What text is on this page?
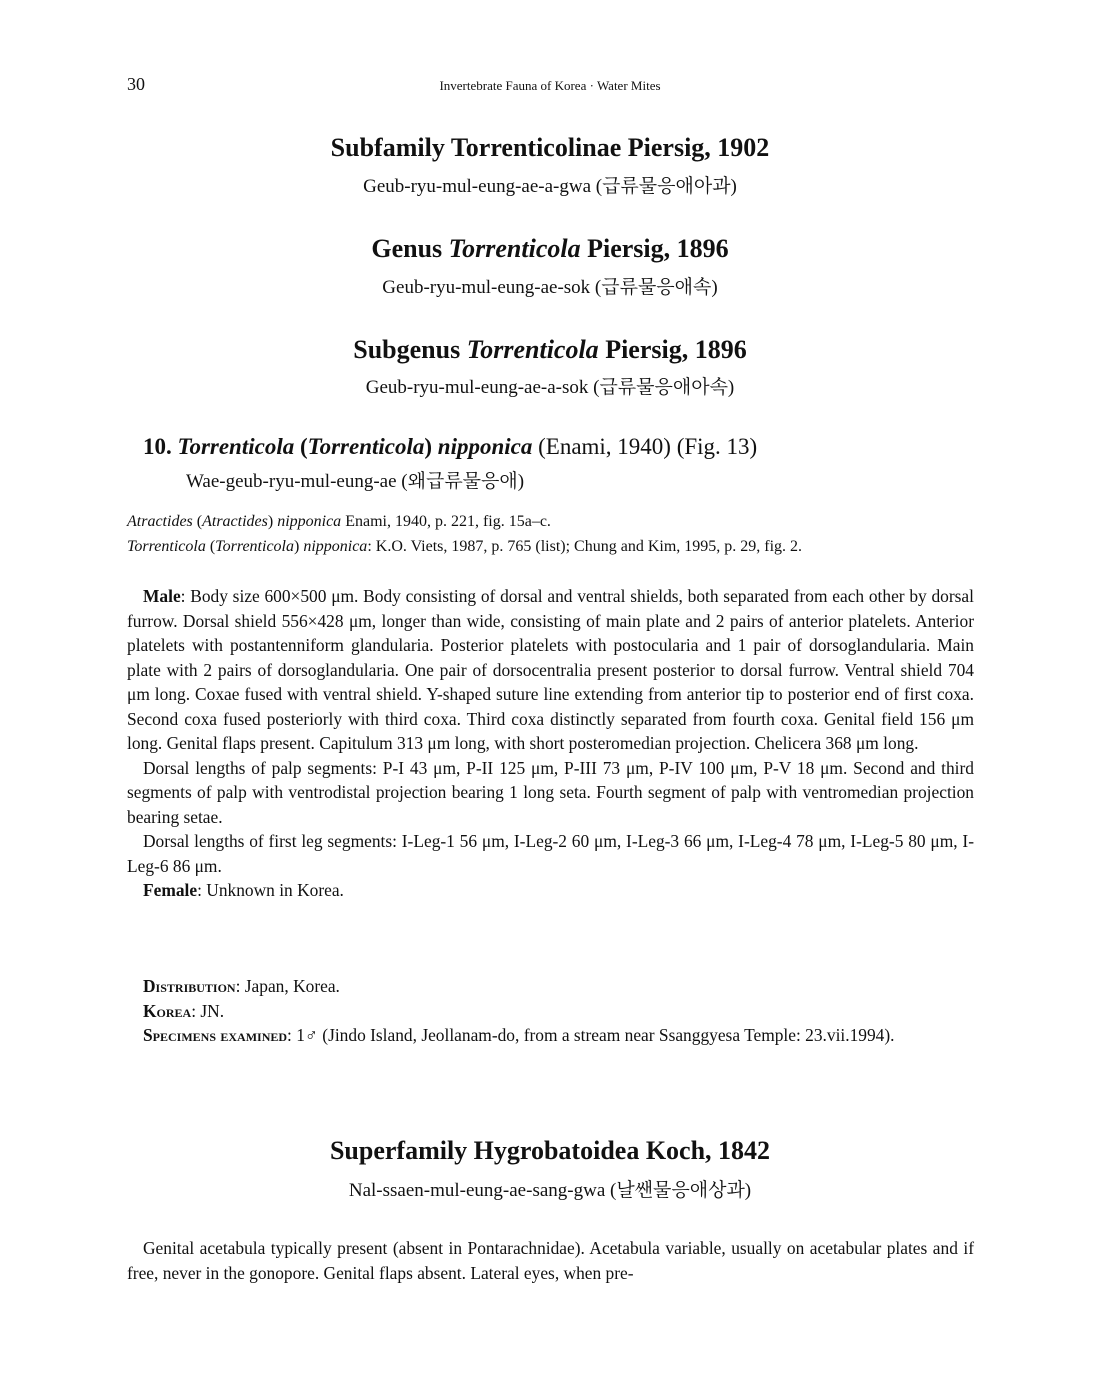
30	Invertebrate Fauna of Korea · Water Mites
Subfamily Torrenticolinae Piersig, 1902
Geub-ryu-mul-eung-ae-a-gwa (급류물응애아과)
Genus Torrenticola Piersig, 1896
Geub-ryu-mul-eung-ae-sok (급류물응애속)
Subgenus Torrenticola Piersig, 1896
Geub-ryu-mul-eung-ae-a-sok (급류물응애아속)
10. Torrenticola (Torrenticola) nipponica (Enami, 1940) (Fig. 13)
Wae-geub-ryu-mul-eung-ae (왜급류물응애)
Atractides (Atractides) nipponica Enami, 1940, p. 221, fig. 15a–c.
Torrenticola (Torrenticola) nipponica: K.O. Viets, 1987, p. 765 (list); Chung and Kim, 1995, p. 29, fig. 2.

Male: Body size 600×500 μm. Body consisting of dorsal and ventral shields, both separated from each other by dorsal furrow. Dorsal shield 556×428 μm, longer than wide, consisting of main plate and 2 pairs of anterior platelets. Anterior platelets with postantenniform glandularia. Posterior platelets with postocularia and 1 pair of dorsoglandularia. Main plate with 2 pairs of dorsoglandularia. One pair of dorsocentralia present posterior to dorsal furrow. Ventral shield 704 μm long. Coxae fused with ventral shield. Y-shaped suture line extending from anterior tip to posterior end of first coxa. Second coxa fused posteriorly with third coxa. Third coxa distinctly separated from fourth coxa. Genital field 156 μm long. Genital flaps present. Capitulum 313 μm long, with short posteromedian projection. Chelicera 368 μm long.

Dorsal lengths of palp segments: P-I 43 μm, P-II 125 μm, P-III 73 μm, P-IV 100 μm, P-V 18 μm. Second and third segments of palp with ventrodistal projection bearing 1 long seta. Fourth segment of palp with ventromedian projection bearing setae.

Dorsal lengths of first leg segments: I-Leg-1 56 μm, I-Leg-2 60 μm, I-Leg-3 66 μm, I-Leg-4 78 μm, I-Leg-5 80 μm, I-Leg-6 86 μm.

Female: Unknown in Korea.

Distribution: Japan, Korea.

Korea: JN.

Specimens examined: 1♂ (Jindo Island, Jeollanam-do, from a stream near Ssanggyesa Temple: 23.vii.1994).

Superfamily Hygrobatoidea Koch, 1842
Nal-ssaen-mul-eung-ae-sang-gwa (날쌘물응애상과)

Genital acetabula typically present (absent in Pontarachnidae). Acetabula variable, usually on acetabular plates and if free, never in the gonopore. Genital flaps absent. Lateral eyes, when pre-
